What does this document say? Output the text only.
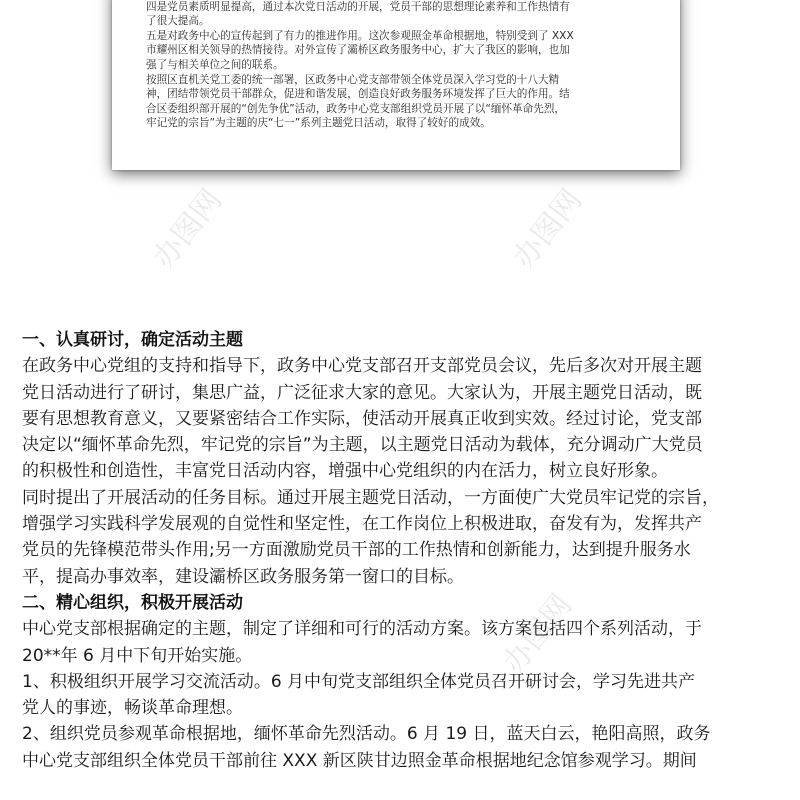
四是党员素质明显提高，通过本次党日活动的开展，党员干部的思想理论素养和工作热情有
了很大提高。
五是对政务中心的宣传起到了有力的推进作用。这次参观照金革命根据地，特别受到了 XXX
市耀州区相关领导的热情接待。对外宣传了灞桥区政务服务中心，扩大了我区的影响，也加
强了与相关单位之间的联系。
按照区直机关党工委的统一部署，区政务中心党支部带领全体党员深入学习党的十八大精
神，团结带领党员干部群众，促进和谐发展，创造良好政务服务环境发挥了巨大的作用。结
合区委组织部开展的“创先争优”活动，政务中心党支部组织党员开展了以“缅怀革命先烈，
牢记党的宗旨”为主题的庆“七一”系列主题党日活动，取得了较好的成效。
办图网	办图网
办图网
一、认真研讨，确定活动主题
在政务中心党组的支持和指导下，政务中心党支部召开支部党员会议，先后多次对开展主题
党日活动进行了研讨，集思广益，广泛征求大家的意见。大家认为，开展主题党日活动，既
要有思想教育意义，又要紧密结合工作实际，使活动开展真正收到实效。经过讨论，党支部
决定以“缅怀革命先烈，牢记党的宗旨”为主题，以主题党日活动为载体，充分调动广大党员
的积极性和创造性，丰富党日活动内容，增强中心党组织的内在活力，树立良好形象。
同时提出了开展活动的任务目标。通过开展主题党日活动，一方面使广大党员牢记党的宗旨，
增强学习实践科学发展观的自觉性和坚定性，在工作岗位上积极进取，奋发有为，发挥共产
党员的先锋模范带头作用;另一方面激励党员干部的工作热情和创新能力，达到提升服务水
平，提高办事效率，建设灞桥区政务服务第一窗口的目标。
二、精心组织，积极开展活动
中心党支部根据确定的主题，制定了详细和可行的活动方案。该方案包括四个系列活动，于
20**年 6 月中下旬开始实施。
1、积极组织开展学习交流活动。6 月中旬党支部组织全体党员召开研讨会，学习先进共产
党人的事迹，畅谈革命理想。
2、组织党员参观革命根据地，缅怀革命先烈活动。6 月 19 日，蓝天白云，艳阳高照，政务
中心党支部组织全体党员干部前往 XXX 新区陕甘边照金革命根据地纪念馆参观学习。期间
